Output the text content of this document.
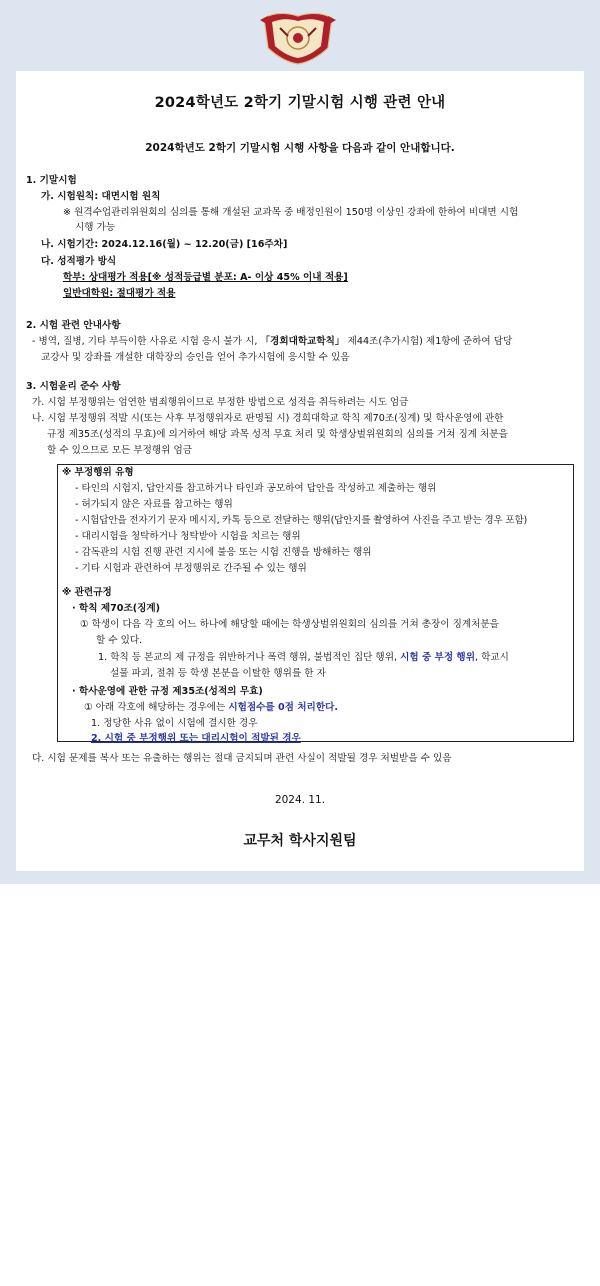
2024학년도 2학기 기말시험 시행 관련 안내
2024학년도 2학기 기말시험 시행 사항을 다음과 같이 안내합니다.
1. 기말시험
가. 시험원칙: 대면시험 원칙
※ 원격수업관리위원회의 심의를 통해 개설된 교과목 중 배정인원이 150명 이상인 강좌에 한하여 비대면 시험
시행 가능
나. 시험기간: 2024.12.16(월) ~ 12.20(금) [16주차]
다. 성적평가 방식
학부: 상대평가 적용[※ 성적등급별 분포: A- 이상 45% 이내 적용]
일반대학원: 절대평가 적용
2. 시험 관련 안내사항
- 병역, 질병, 기타 부득이한 사유로 시험 응시 불가 시, 「경희대학교학칙」 제44조(추가시험) 제1항에 준하여 담당
교강사 및 강좌를 개설한 대학장의 승인을 얻어 추가시험에 응시할 수 있음
3. 시험윤리 준수 사항
가. 시험 부정행위는 엄연한 범죄행위이므로 부정한 방법으로 성적을 취득하려는 시도 엄금
나. 시험 부정행위 적발 시(또는 사후 부정행위자로 판명될 시) 경희대학교 학칙 제70조(징계) 및 학사운영에 관한
규정 제35조(성적의 무효)에 의거하여 해당 과목 성적 무효 처리 및 학생상벌위원회의 심의를 거쳐 징계 처분을
할 수 있으므로 모든 부정행위 엄금
※ 부정행위 유형
- 타인의 시험지, 답안지를 참고하거나 타인과 공모하여 답안을 작성하고 제출하는 행위
- 허가되지 않은 자료를 참고하는 행위
- 시험답안을 전자기기 문자 메시지, 카톡 등으로 전달하는 행위(답안지를 촬영하여 사진을 주고 받는 경우 포함)
- 대리시험을 청탁하거나 청탁받아 시험을 치르는 행위
- 감독관의 시험 진행 관련 지시에 불응 또는 시험 진행을 방해하는 행위
- 기타 시험과 관련하여 부정행위로 간주될 수 있는 행위
※ 관련규정
· 학칙 제70조(징계)
① 학생이 다음 각 호의 어느 하나에 해당할 때에는 학생상벌위원회의 심의를 거쳐 총장이 징계처분을
할 수 있다.
1. 학칙 등 본교의 제 규정을 위반하거나 폭력 행위, 불법적인 집단 행위, 시험 중 부정 행위, 학교시
설물 파괴, 절취 등 학생 본분을 이탈한 행위를 한 자
· 학사운영에 관한 규정 제35조(성적의 무효)
① 아래 각호에 해당하는 경우에는 시험점수를 0점 처리한다.
1. 정당한 사유 없이 시험에 결시한 경우
2. 시험 중 부정행위 또는 대리시험이 적발된 경우
다. 시험 문제를 복사 또는 유출하는 행위는 절대 금지되며 관련 사실이 적발될 경우 처벌받을 수 있음
2024. 11.
교무처 학사지원팀
